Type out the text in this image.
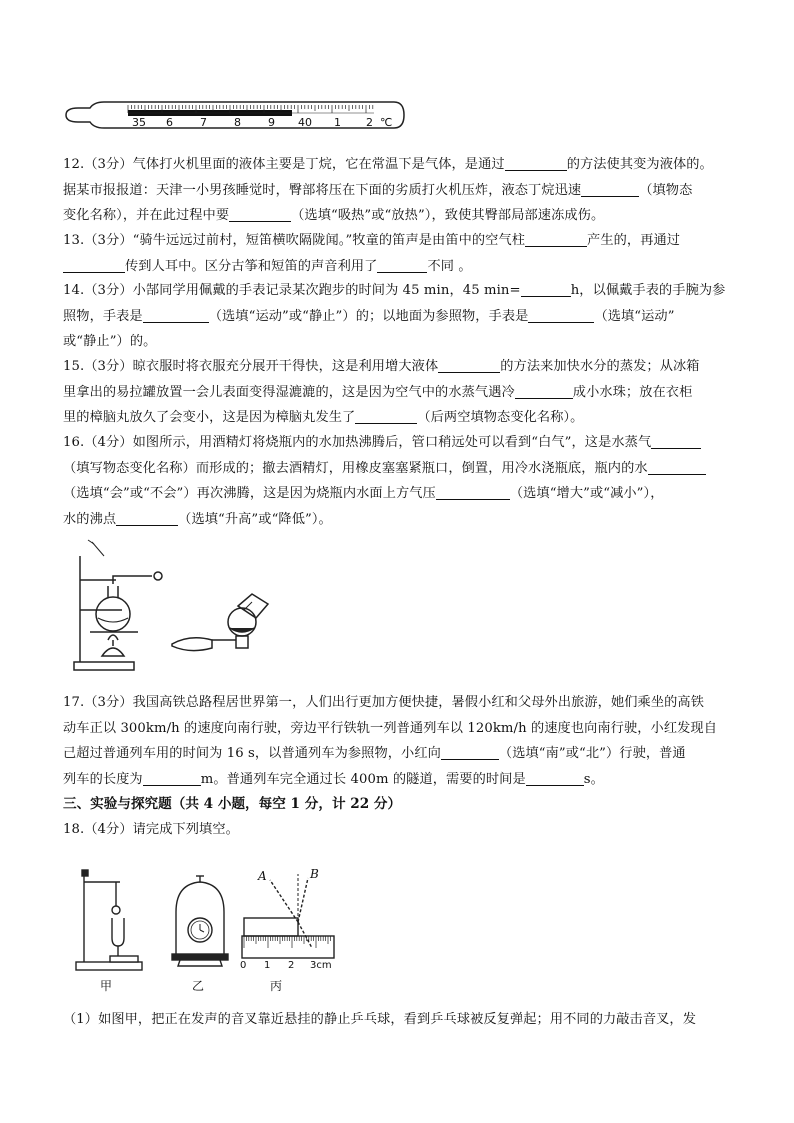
35 6 7 8 9 40 1 2 ℃

12.（3分）气体打火机里面的液体主要是丁烷，它在常温下是气体，是通过	的方法使其变为液体的。

据某市报报道：天津一小男孩睡觉时，臀部将压在下面的劣质打火机压炸，液态丁烷迅速	（填物态

变化名称），并在此过程中要	（选填“吸热”或“放热”），致使其臀部局部速冻成伤。

13.（3分）“骑牛远远过前村，短笛横吹隔陇闻。”牧童的笛声是由笛中的空气柱	产生的，再通过

传到人耳中。区分古筝和短笛的声音利用了	不同 。

14.（3分）小郜同学用佩戴的手表记录某次跑步的时间为 45 min，45 min=	h，以佩戴手表的手腕为参

照物，手表是	（选填“运动”或“静止”）的；以地面为参照物，手表是	（选填“运动”

或“静止”）的。

15.（3分）晾衣服时将衣服充分展开干得快，这是利用增大液体	的方法来加快水分的蒸发；从冰箱

里拿出的易拉罐放置一会儿表面变得湿漉漉的，这是因为空气中的水蒸气遇冷	成小水珠；放在衣柜

里的樟脑丸放久了会变小，这是因为樟脑丸发生了	（后两空填物态变化名称）。

16.（4分）如图所示，用酒精灯将烧瓶内的水加热沸腾后，管口稍远处可以看到“白气”，这是水蒸气

（填写物态变化名称）而形成的；撤去酒精灯，用橡皮塞塞紧瓶口，倒置，用冷水浇瓶底，瓶内的水

（选填“会”或“不会”）再次沸腾，这是因为烧瓶内水面上方气压	（选填“增大”或“减小”），

水的沸点	（选填“升高”或“降低”）。

17.（3分）我国高铁总路程居世界第一，人们出行更加方便快捷，暑假小红和父母外出旅游，她们乘坐的高铁

动车正以 300km/h 的速度向南行驶，旁边平行铁轨一列普通列车以 120km/h 的速度也向南行驶，小红发现自

己超过普通列车用的时间为 16 s，以普通列车为参照物，小红向	（选填“南”或“北”）行驶，普通

列车的长度为	m。普通列车完全通过长 400m 的隧道，需要的时间是	s。

三、实验与探究题（共 4 小题，每空 1 分，计 22 分）

18.（4分）请完成下列填空。

0 1 2 3cm
A	B
甲	乙	丙

（1）如图甲，把正在发声的音叉靠近悬挂的静止乒乓球，看到乒乓球被反复弹起；用不同的力敲击音叉，发
